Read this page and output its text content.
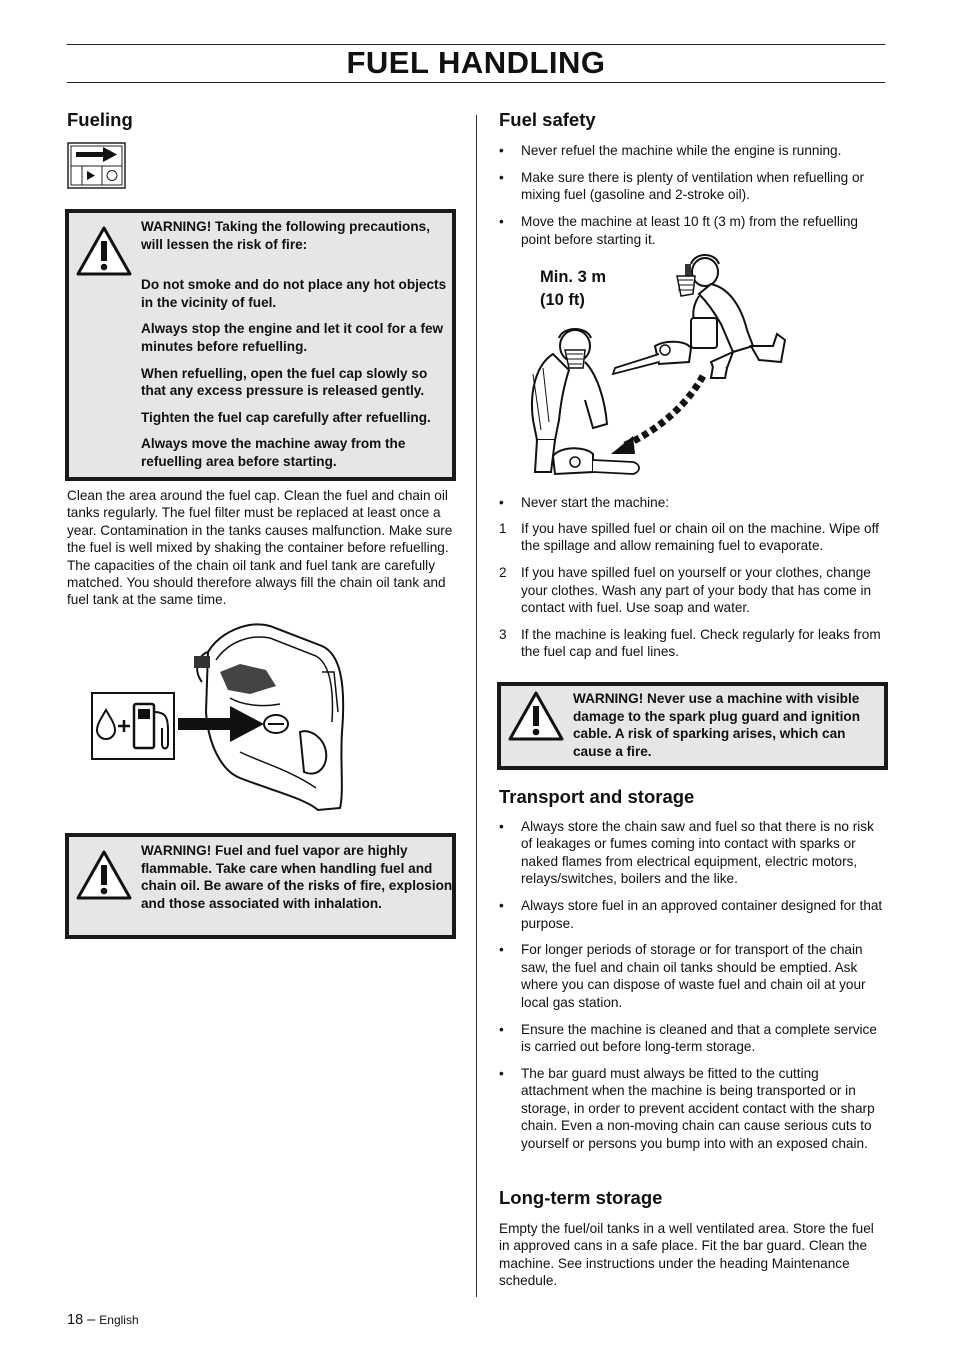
FUEL HANDLING
Fueling

WARNING! Taking the following precautions, will lessen the risk of fire:

Do not smoke and do not place any hot objects in the vicinity of fuel.

Always stop the engine and let it cool for a few minutes before refuelling.

When refuelling, open the fuel cap slowly so that any excess pressure is released gently.

Tighten the fuel cap carefully after refuelling.

Always move the machine away from the refuelling area before starting.

Clean the area around the fuel cap. Clean the fuel and chain oil tanks regularly. The fuel filter must be replaced at least once a year. Contamination in the tanks causes malfunction. Make sure the fuel is well mixed by shaking the container before refuelling. The capacities of the chain oil tank and fuel tank are carefully matched. You should therefore always fill the chain oil tank and fuel tank at the same time.
WARNING! Fuel and fuel vapor are highly flammable. Take care when handling fuel and chain oil. Be aware of the risks of fire, explosion and those associated with inhalation.
Fuel safety
•	Never refuel the machine while the engine is running.
•	Make sure there is plenty of ventilation when refuelling or mixing fuel (gasoline and 2-stroke oil).
•	Move the machine at least 10 ft (3 m) from the refuelling point before starting it.
Min. 3 m
(10 ft)
•	Never start the machine:
1	If you have spilled fuel or chain oil on the machine. Wipe off the spillage and allow remaining fuel to evaporate.
2	If you have spilled fuel on yourself or your clothes, change your clothes. Wash any part of your body that has come in contact with fuel. Use soap and water.
3	If the machine is leaking fuel. Check regularly for leaks from the fuel cap and fuel lines.
WARNING! Never use a machine with visible damage to the spark plug guard and ignition cable. A risk of sparking arises, which can cause a fire.
Transport and storage
•	Always store the chain saw and fuel so that there is no risk of leakages or fumes coming into contact with sparks or naked flames from electrical equipment, electric motors, relays/switches, boilers and the like.
•	Always store fuel in an approved container designed for that purpose.
•	For longer periods of storage or for transport of the chain saw, the fuel and chain oil tanks should be emptied. Ask where you can dispose of waste fuel and chain oil at your local gas station.
•	Ensure the machine is cleaned and that a complete service is carried out before long-term storage.
•	The bar guard must always be fitted to the cutting attachment when the machine is being transported or in storage, in order to prevent accident contact with the sharp chain. Even a non-moving chain can cause serious cuts to yourself or persons you bump into with an exposed chain.
Long-term storage
Empty the fuel/oil tanks in a well ventilated area. Store the fuel in approved cans in a safe place. Fit the bar guard. Clean the machine. See instructions under the heading Maintenance schedule.
18 – English
